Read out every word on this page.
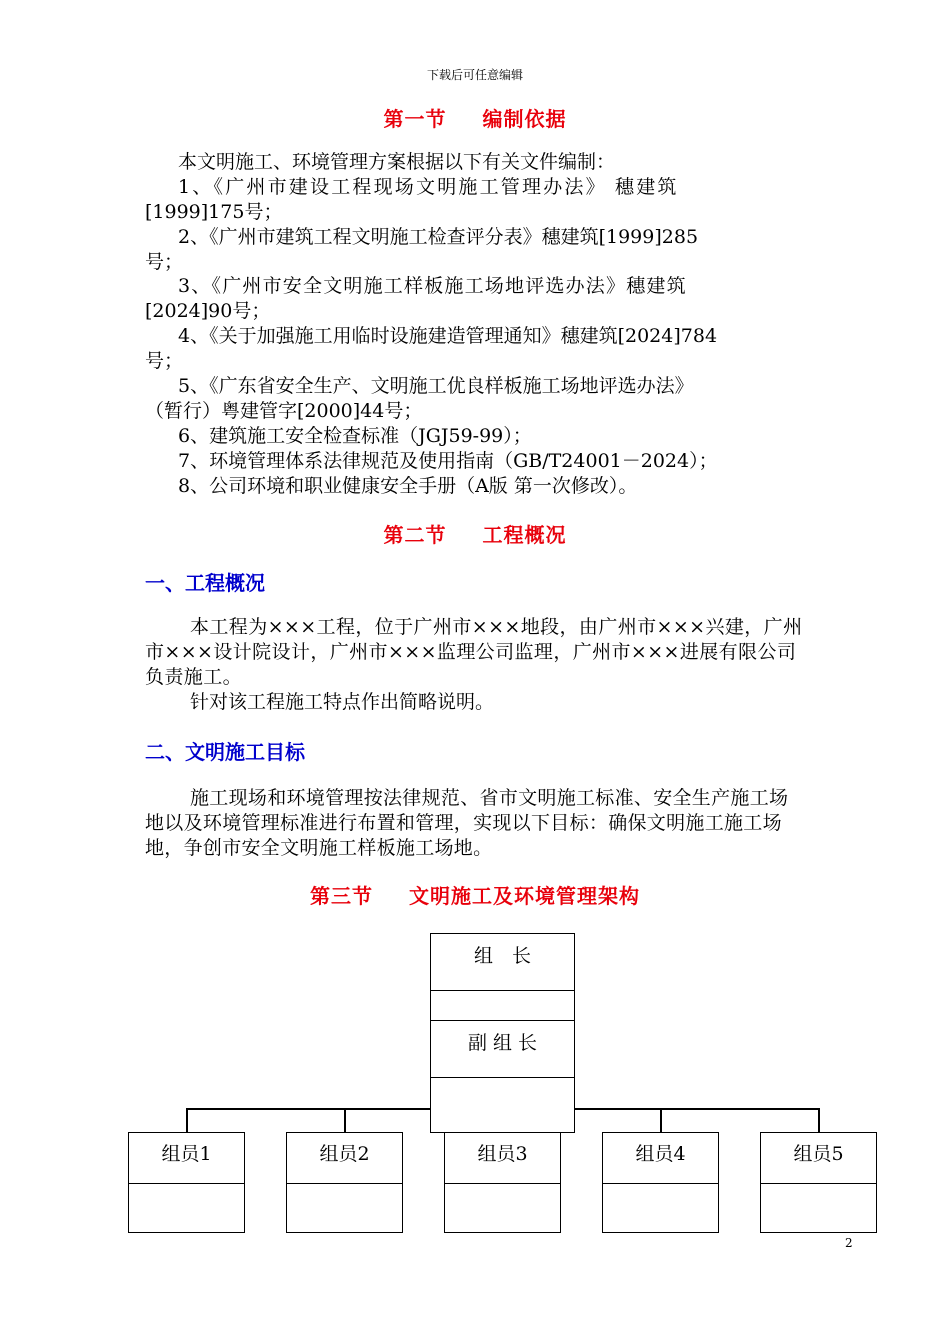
下载后可任意编辑
第一节 编制依据
本文明施工、环境管理方案根据以下有关文件编制：
1、《广州市建设工程现场文明施工管理办法》 穗建筑
[1999]175号；
2、《广州市建筑工程文明施工检查评分表》穗建筑[1999]285
号；
3、《广州市安全文明施工样板施工场地评选办法》穗建筑
[2024]90号；
4、《关于加强施工用临时设施建造管理通知》穗建筑[2024]784
号；
5、《广东省安全生产、文明施工优良样板施工场地评选办法》
（暂行）粤建管字[2000]44号；
6、建筑施工安全检查标准（JGJ59-99）；
7、环境管理体系法律规范及使用指南（GB/T24001－2024）；
8、公司环境和职业健康安全手册（A版 第一次修改）。
第二节 工程概况
一、工程概况
本工程为×××工程，位于广州市×××地段，由广州市×××兴建，广州市×××设计院设计，广州市×××监理公司监理，广州市×××进展有限公司负责施工。
针对该工程施工特点作出简略说明。
二、文明施工目标
施工现场和环境管理按法律规范、省市文明施工标准、安全生产施工场地以及环境管理标准进行布置和管理，实现以下目标：确保文明施工施工场地，争创市安全文明施工样板施工场地。
第三节 文明施工及环境管理架构
组　长
副 组 长
组员1	组员2	组员3	组员4	组员5
2
